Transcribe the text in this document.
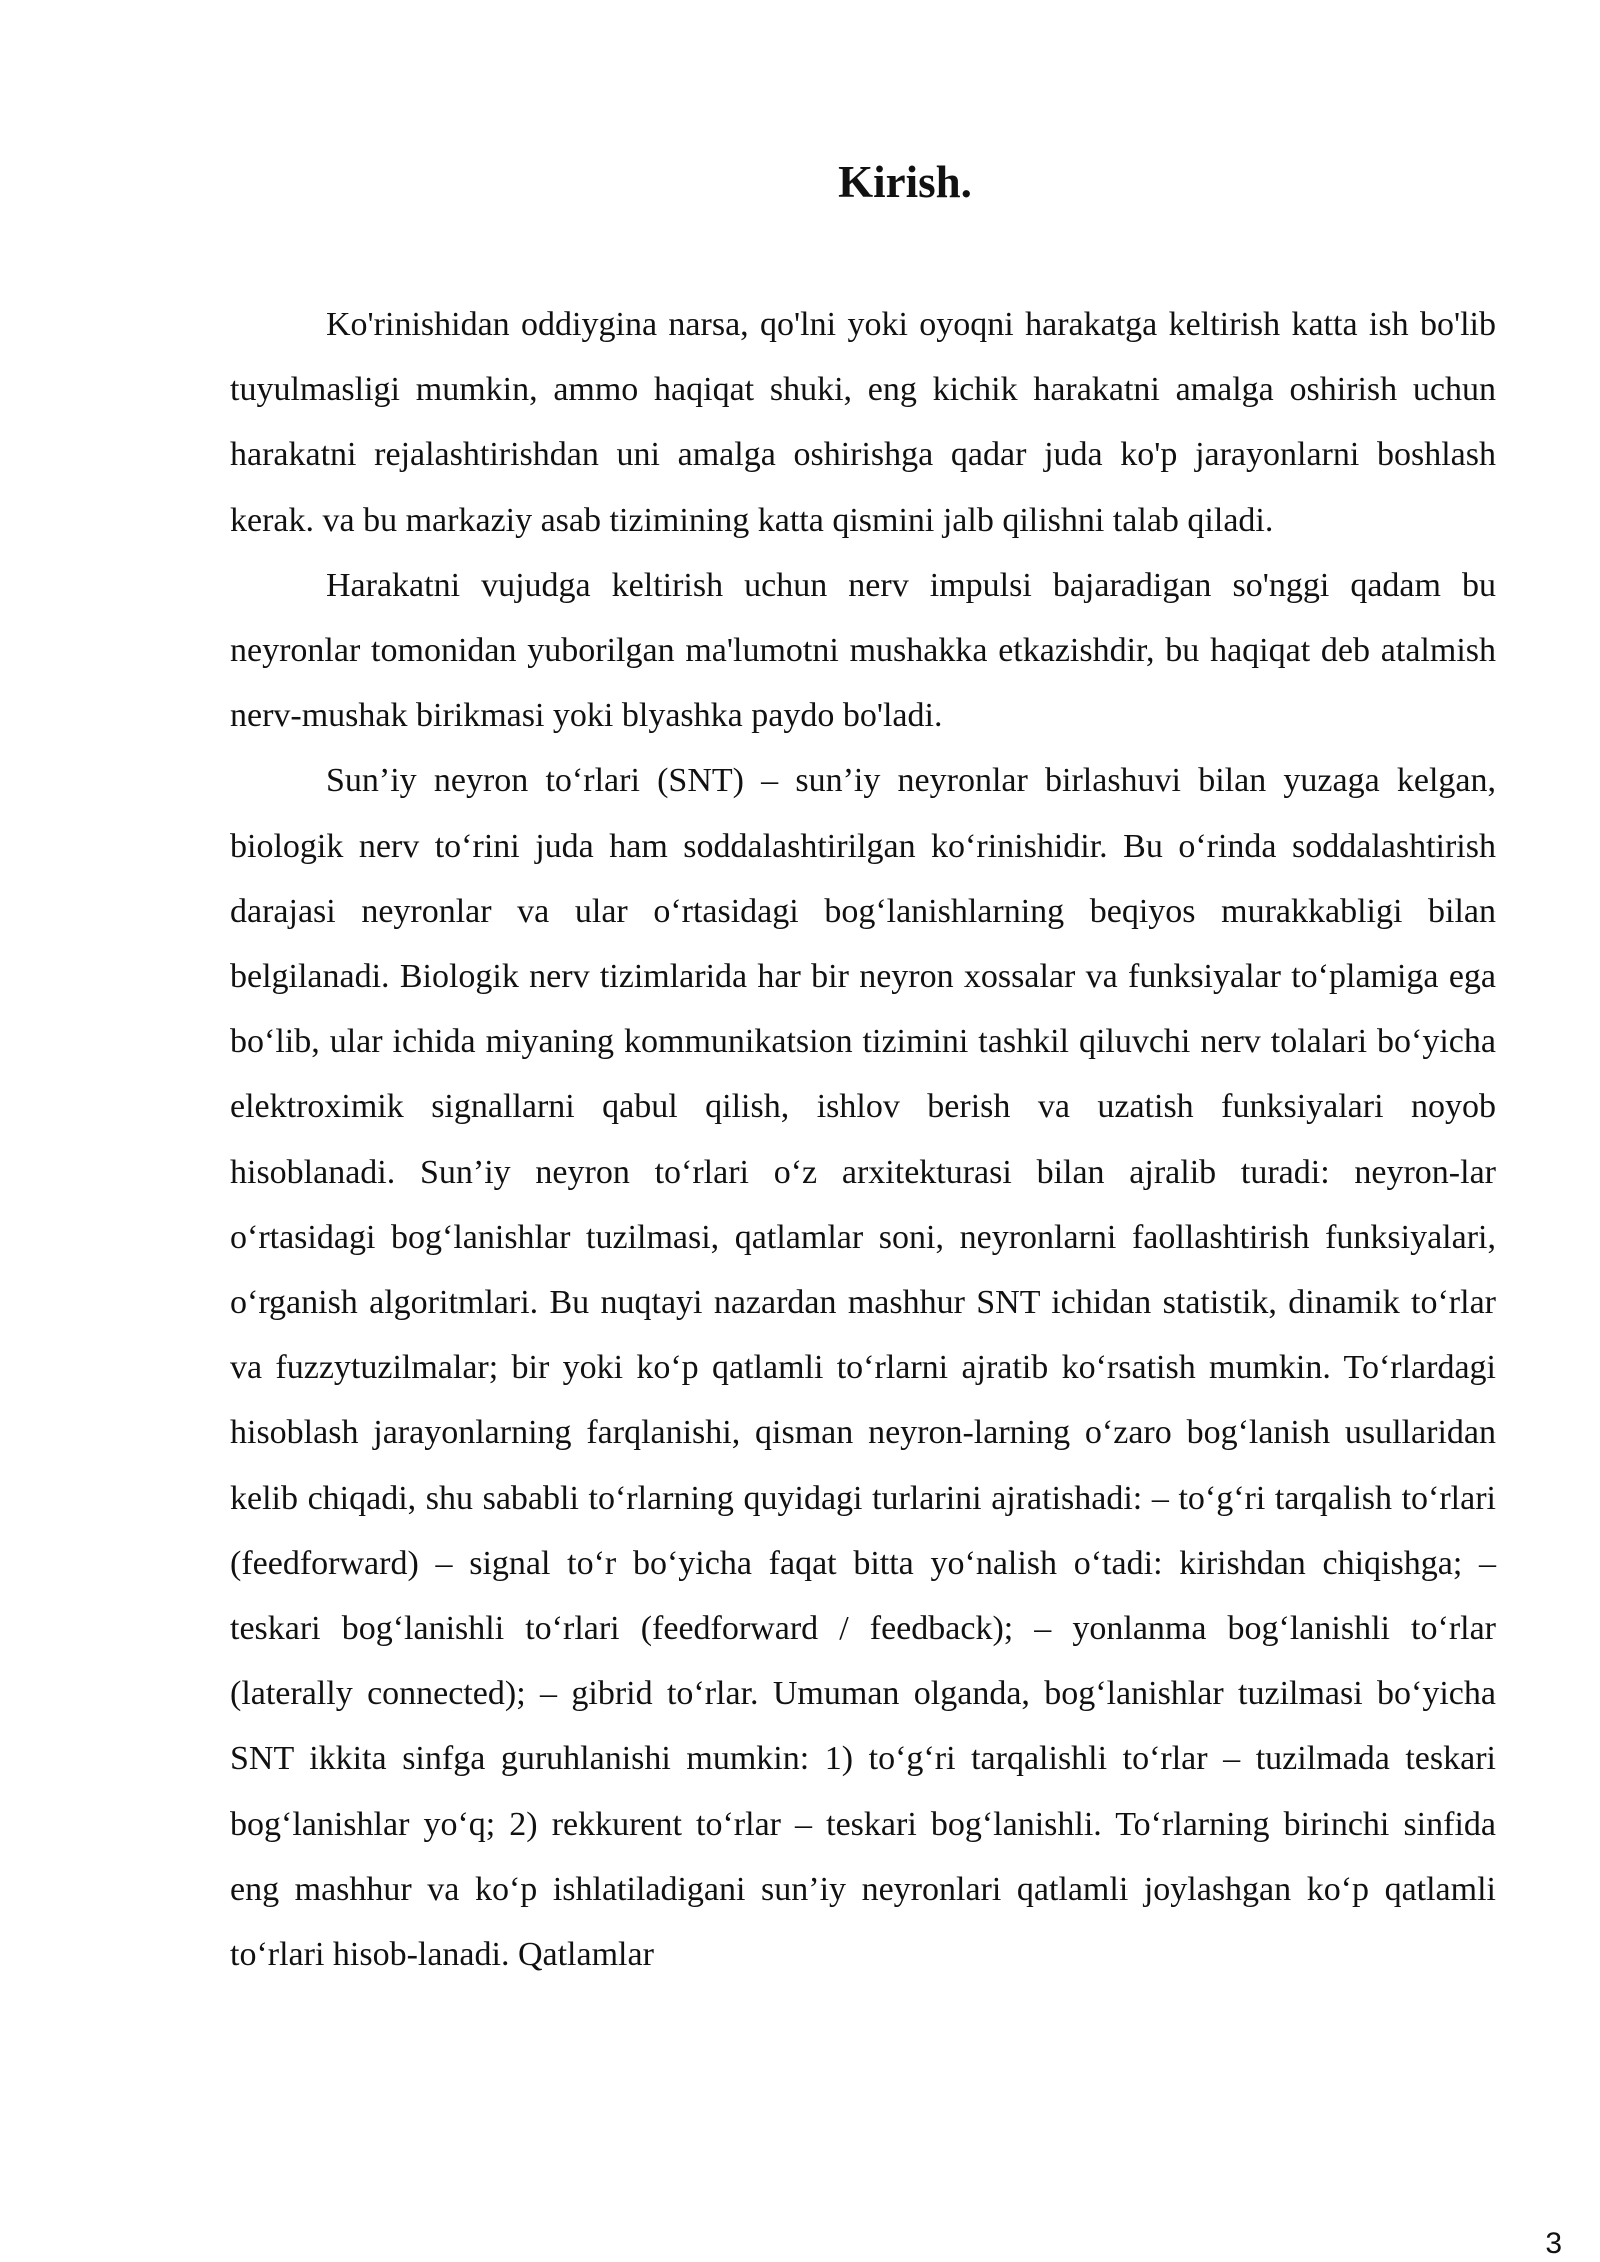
Kirish.

Ko'rinishidan oddiygina narsa, qo'lni yoki oyoqni harakatga keltirish katta ish bo'lib tuyulmasligi mumkin, ammo haqiqat shuki, eng kichik harakatni amalga oshirish uchun harakatni rejalashtirishdan uni amalga oshirishga qadar juda ko'p jarayonlarni boshlash kerak. va bu markaziy asab tizimining katta qismini jalb qilishni talab qiladi.

Harakatni vujudga keltirish uchun nerv impulsi bajaradigan so'nggi qadam bu neyronlar tomonidan yuborilgan ma'lumotni mushakka etkazishdir, bu haqiqat deb atalmish nerv-mushak birikmasi yoki blyashka paydo bo'ladi.

Sun’iy neyron to‘rlari (SNT) – sun’iy neyronlar birlashuvi bilan yuzaga kelgan, biologik nerv to‘rini juda ham soddalashtirilgan ko‘rinishidir. Bu o‘rinda soddalashtirish darajasi neyronlar va ular o‘rtasidagi bog‘lanishlarning beqiyos murakkabligi bilan belgilanadi. Biologik nerv tizimlarida har bir neyron xossalar va funksiyalar to‘plamiga ega bo‘lib, ular ichida miyaning kommunikatsion tizimini tashkil qiluvchi nerv tolalari bo‘yicha elektroximik signallarni qabul qilish, ishlov berish va uzatish funksiyalari noyob hisoblanadi. Sun’iy neyron to‘rlari o‘z arxitekturasi bilan ajralib turadi: neyron-lar o‘rtasidagi bog‘lanishlar tuzilmasi, qatlamlar soni, neyronlarni faollashtirish funksiyalari, o‘rganish algoritmlari. Bu nuqtayi nazardan mashhur SNT ichidan statistik, dinamik to‘rlar va fuzzytuzilmalar; bir yoki ko‘p qatlamli to‘rlarni ajratib ko‘rsatish mumkin. To‘rlardagi hisoblash jarayonlarning farqlanishi, qisman neyron-larning o‘zaro bog‘lanish usullaridan kelib chiqadi, shu sababli to‘rlarning quyidagi turlarini ajratishadi: – to‘g‘ri tarqalish to‘rlari (feedforward) – signal to‘r bo‘yicha faqat bitta yo‘nalish o‘tadi: kirishdan chiqishga; – teskari bog‘lanishli to‘rlari (feedforward / feedback); – yonlanma bog‘lanishli to‘rlar (laterally connected); – gibrid to‘rlar. Umuman olganda, bog‘lanishlar tuzilmasi bo‘yicha SNT ikkita sinfga guruhlanishi mumkin: 1) to‘g‘ri tarqalishli to‘rlar – tuzilmada teskari bog‘lanishlar yo‘q; 2) rekkurent to‘rlar – teskari bog‘lanishli. To‘rlarning birinchi sinfida eng mashhur va ko‘p ishlatiladigani sun’iy neyronlari qatlamli joylashgan ko‘p qatlamli to‘rlari hisob-lanadi. Qatlamlar

3
